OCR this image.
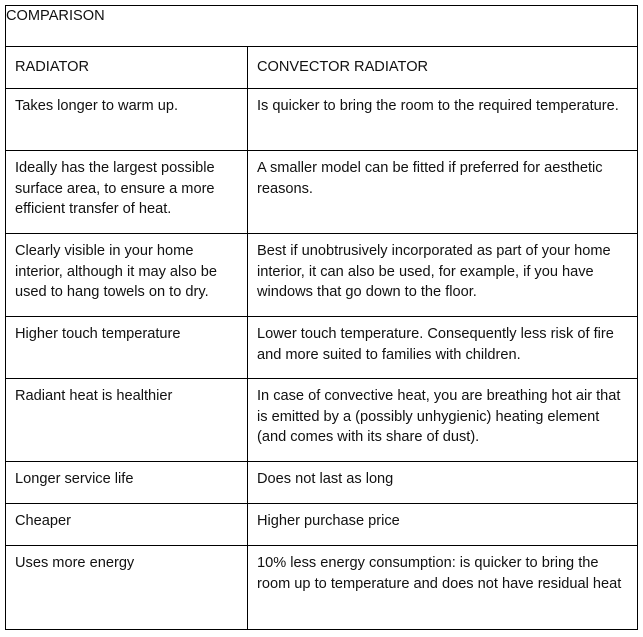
COMPARISON	
RADIATOR	CONVECTOR RADIATOR
Takes longer to warm up.	Is quicker to bring the room to the required temperature.
Ideally has the largest possible surface area, to ensure a more efficient transfer of heat.	A smaller model can be fitted if preferred for aesthetic reasons.
Clearly visible in your home interior, although it may also be used to hang towels on to dry.	Best if unobtrusively incorporated as part of your home interior, it can also be used, for example, if you have windows that go down to the floor.
Higher touch temperature	Lower touch temperature. Consequently less risk of fire and more suited to families with children.
Radiant heat is healthier	In case of convective heat, you are breathing hot air that is emitted by a (possibly unhygienic) heating element (and comes with its share of dust).
Longer service life	Does not last as long
Cheaper	Higher purchase price
Uses more energy	10% less energy consumption: is quicker to bring the room up to temperature and does not have residual heat
